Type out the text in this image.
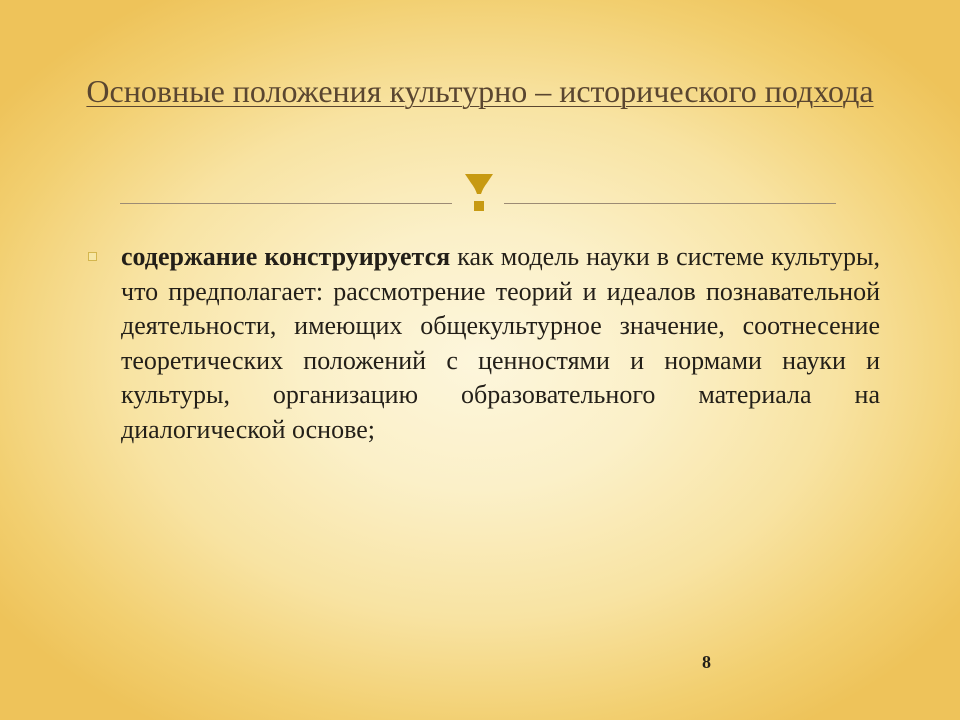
Основные положения культурно – исторического подхода

содержание конструируется как модель науки в системе культуры, что предполагает: рассмотрение теорий и идеалов познавательной деятельности, имеющих общекультурное значение, соотнесение теоретических положений с ценностями и нормами науки и культуры, организацию образовательного материала на диалогической основе;

8
